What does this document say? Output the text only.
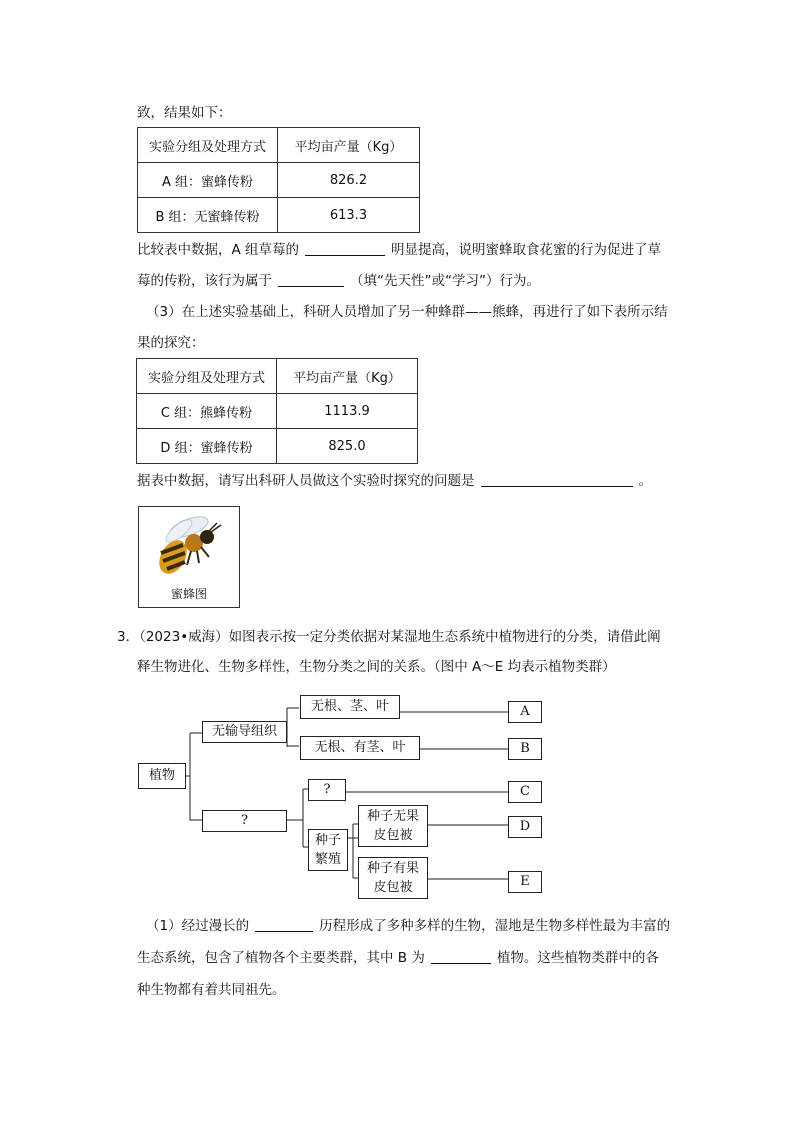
致，结果如下：
实验分组及处理方式	平均亩产量（Kg）
A 组：蜜蜂传粉	826.2
B 组：无蜜蜂传粉	613.3
比较表中数据，A 组草莓的	明显提高，说明蜜蜂取食花蜜的行为促进了草
莓的传粉，该行为属于	（填“先天性”或“学习”）行为。
（3）在上述实验基础上，科研人员增加了另一种蜂群——熊蜂，再进行了如下表所示结
果的探究：
实验分组及处理方式	平均亩产量（Kg）
C 组：熊蜂传粉	1113.9
D 组：蜜蜂传粉	825.0
据表中数据，请写出科研人员做这个实验时探究的问题是	。
蜜蜂图
3．（2023•威海）如图表示按一定分类依据对某湿地生态系统中植物进行的分类，请借此阐
释生物进化、生物多样性，生物分类之间的关系。（图中 A～E 均表示植物类群）
植物
无输导组织
?
无根、茎、叶
无根、有茎、叶
?
种子
繁殖
种子无果
皮包被
种子有果
皮包被
A
B
C
D
E
（1）经过漫长的	历程形成了多种多样的生物，湿地是生物多样性最为丰富的
生态系统，包含了植物各个主要类群，其中 B 为	植物。这些植物类群中的各
种生物都有着共同祖先。
